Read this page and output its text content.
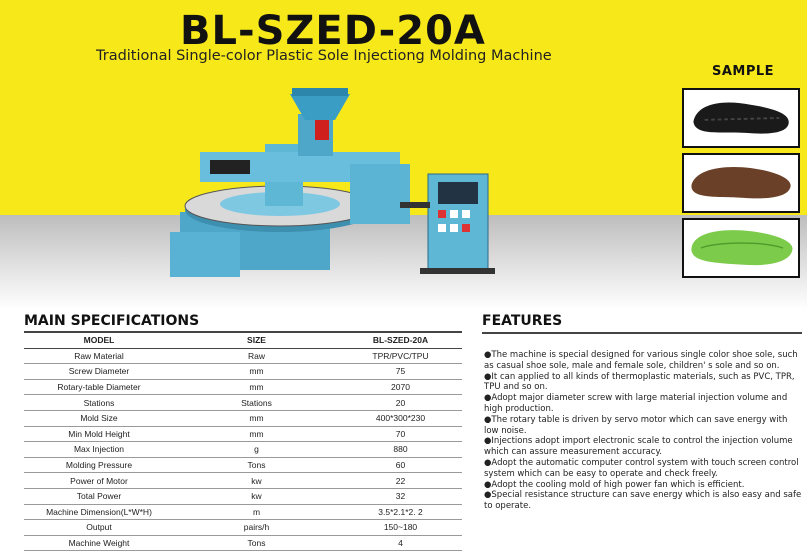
BL-SZED-20A
Traditional Single-color Plastic Sole Injectiong Molding Machine
SAMPLE
MAIN SPECIFICATIONS	FEATURES
MODEL	SIZE	BL-SZED-20A
Raw Material	Raw	TPR/PVC/TPU
Screw Diameter	mm	75
Rotary-table Diameter	mm	2070
Stations	Stations	20
Mold Size	mm	400*300*230
Min Mold Height	mm	70
Max Injection	g	880
Molding Pressure	Tons	60
Power of Motor	kw	22
Total Power	kw	32
Machine Dimension(L*W*H)	m	3.5*2.1*2. 2
Output	pairs/h	150~180
Machine Weight	Tons	4

●The machine is special designed for various single color shoe sole, such as casual shoe sole, male and female sole, children' s sole and so on.

●It can applied to all kinds of thermoplastic materials, such as PVC, TPR, TPU and so on.

●Adopt major diameter screw with large material injection volume and high production.

●The rotary table is driven by servo motor which can save energy with low noise.

●Injections adopt import electronic scale to control the injection volume which can assure measurement accuracy.

●Adopt the automatic computer control system with touch screen control system which can be easy to operate and check freely.

●Adopt the cooling mold of high power fan which is efficient.

●Special resistance structure can save energy which is also easy and safe to operate.
